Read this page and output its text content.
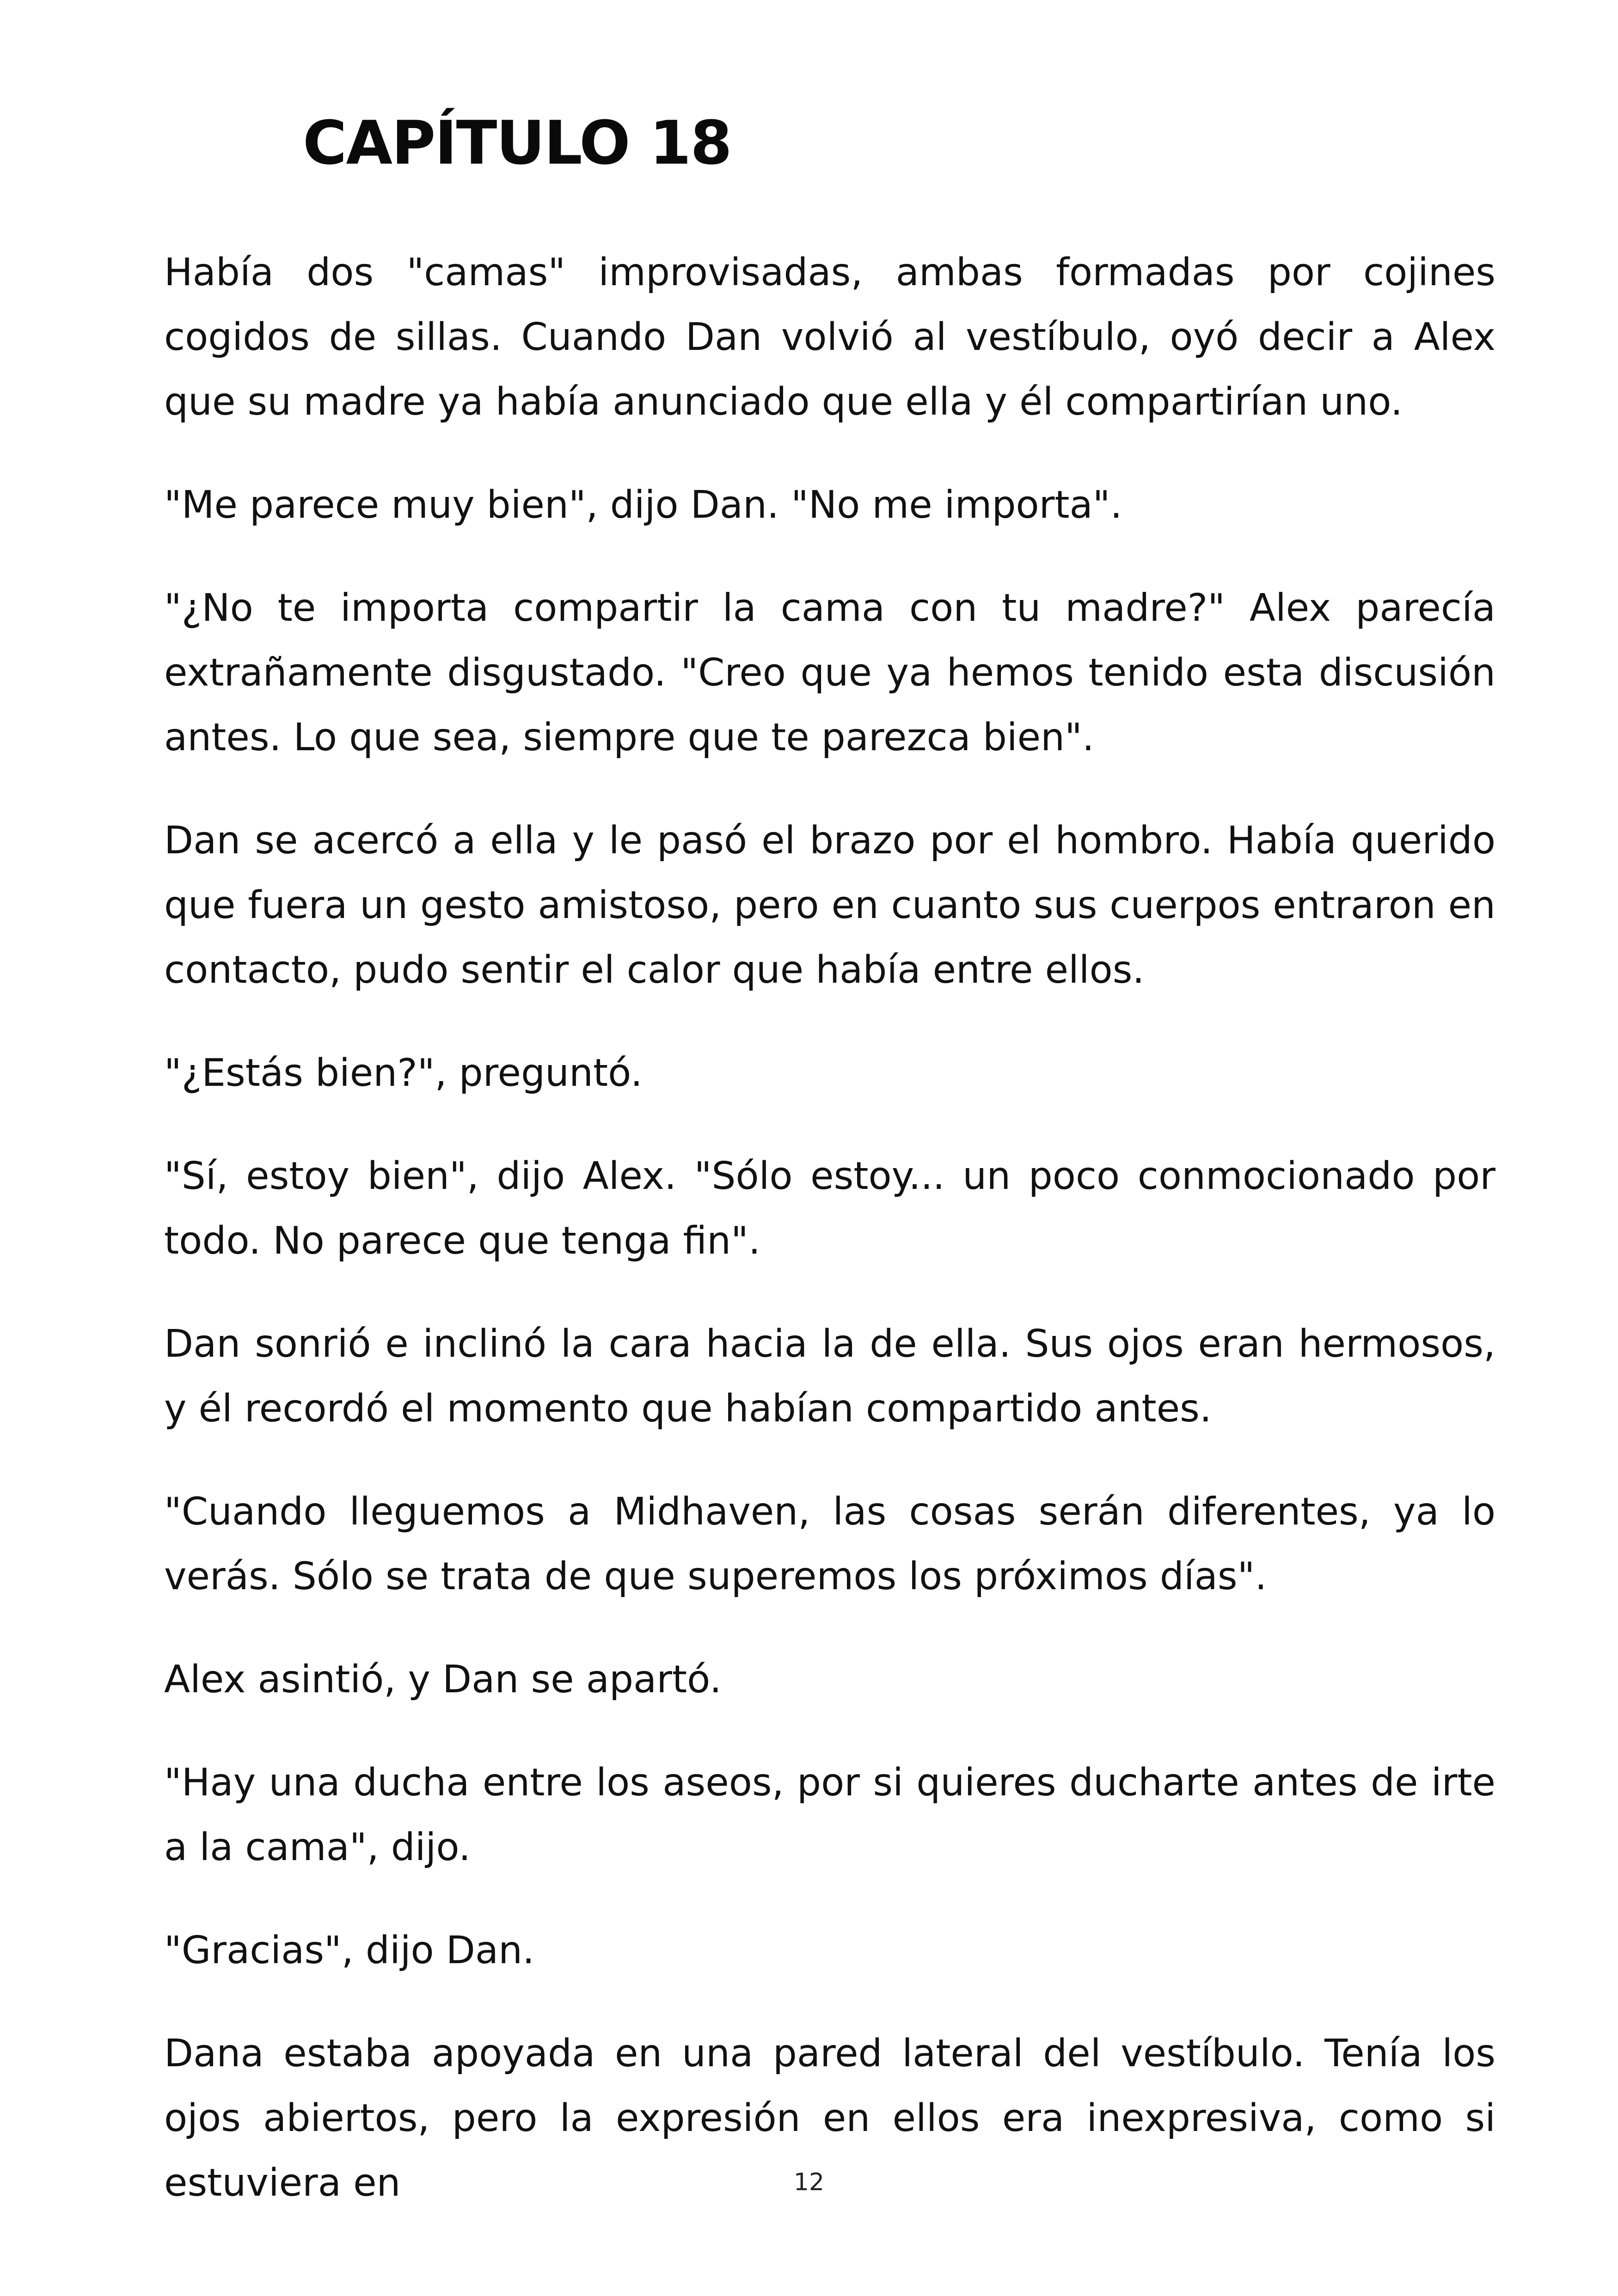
CAPÍTULO 18

Había dos "camas" improvisadas, ambas formadas por cojines cogidos de sillas. Cuando Dan volvió al vestíbulo, oyó decir a Alex que su madre ya había anunciado que ella y él compartirían uno.

"Me parece muy bien", dijo Dan. "No me importa".

"¿No te importa compartir la cama con tu madre?" Alex parecía extrañamente disgustado. "Creo que ya hemos tenido esta discusión antes. Lo que sea, siempre que te parezca bien".

Dan se acercó a ella y le pasó el brazo por el hombro. Había querido que fuera un gesto amistoso, pero en cuanto sus cuerpos entraron en contacto, pudo sentir el calor que había entre ellos.

"¿Estás bien?", preguntó.

"Sí, estoy bien", dijo Alex. "Sólo estoy... un poco conmocionado por todo. No parece que tenga fin".

Dan sonrió e inclinó la cara hacia la de ella. Sus ojos eran hermosos, y él recordó el momento que habían compartido antes.

"Cuando lleguemos a Midhaven, las cosas serán diferentes, ya lo verás. Sólo se trata de que superemos los próximos días".

Alex asintió, y Dan se apartó.

"Hay una ducha entre los aseos, por si quieres ducharte antes de irte a la cama", dijo.

"Gracias", dijo Dan.

Dana estaba apoyada en una pared lateral del vestíbulo. Tenía los ojos abiertos, pero la expresión en ellos era inexpresiva, como si estuviera en	12
